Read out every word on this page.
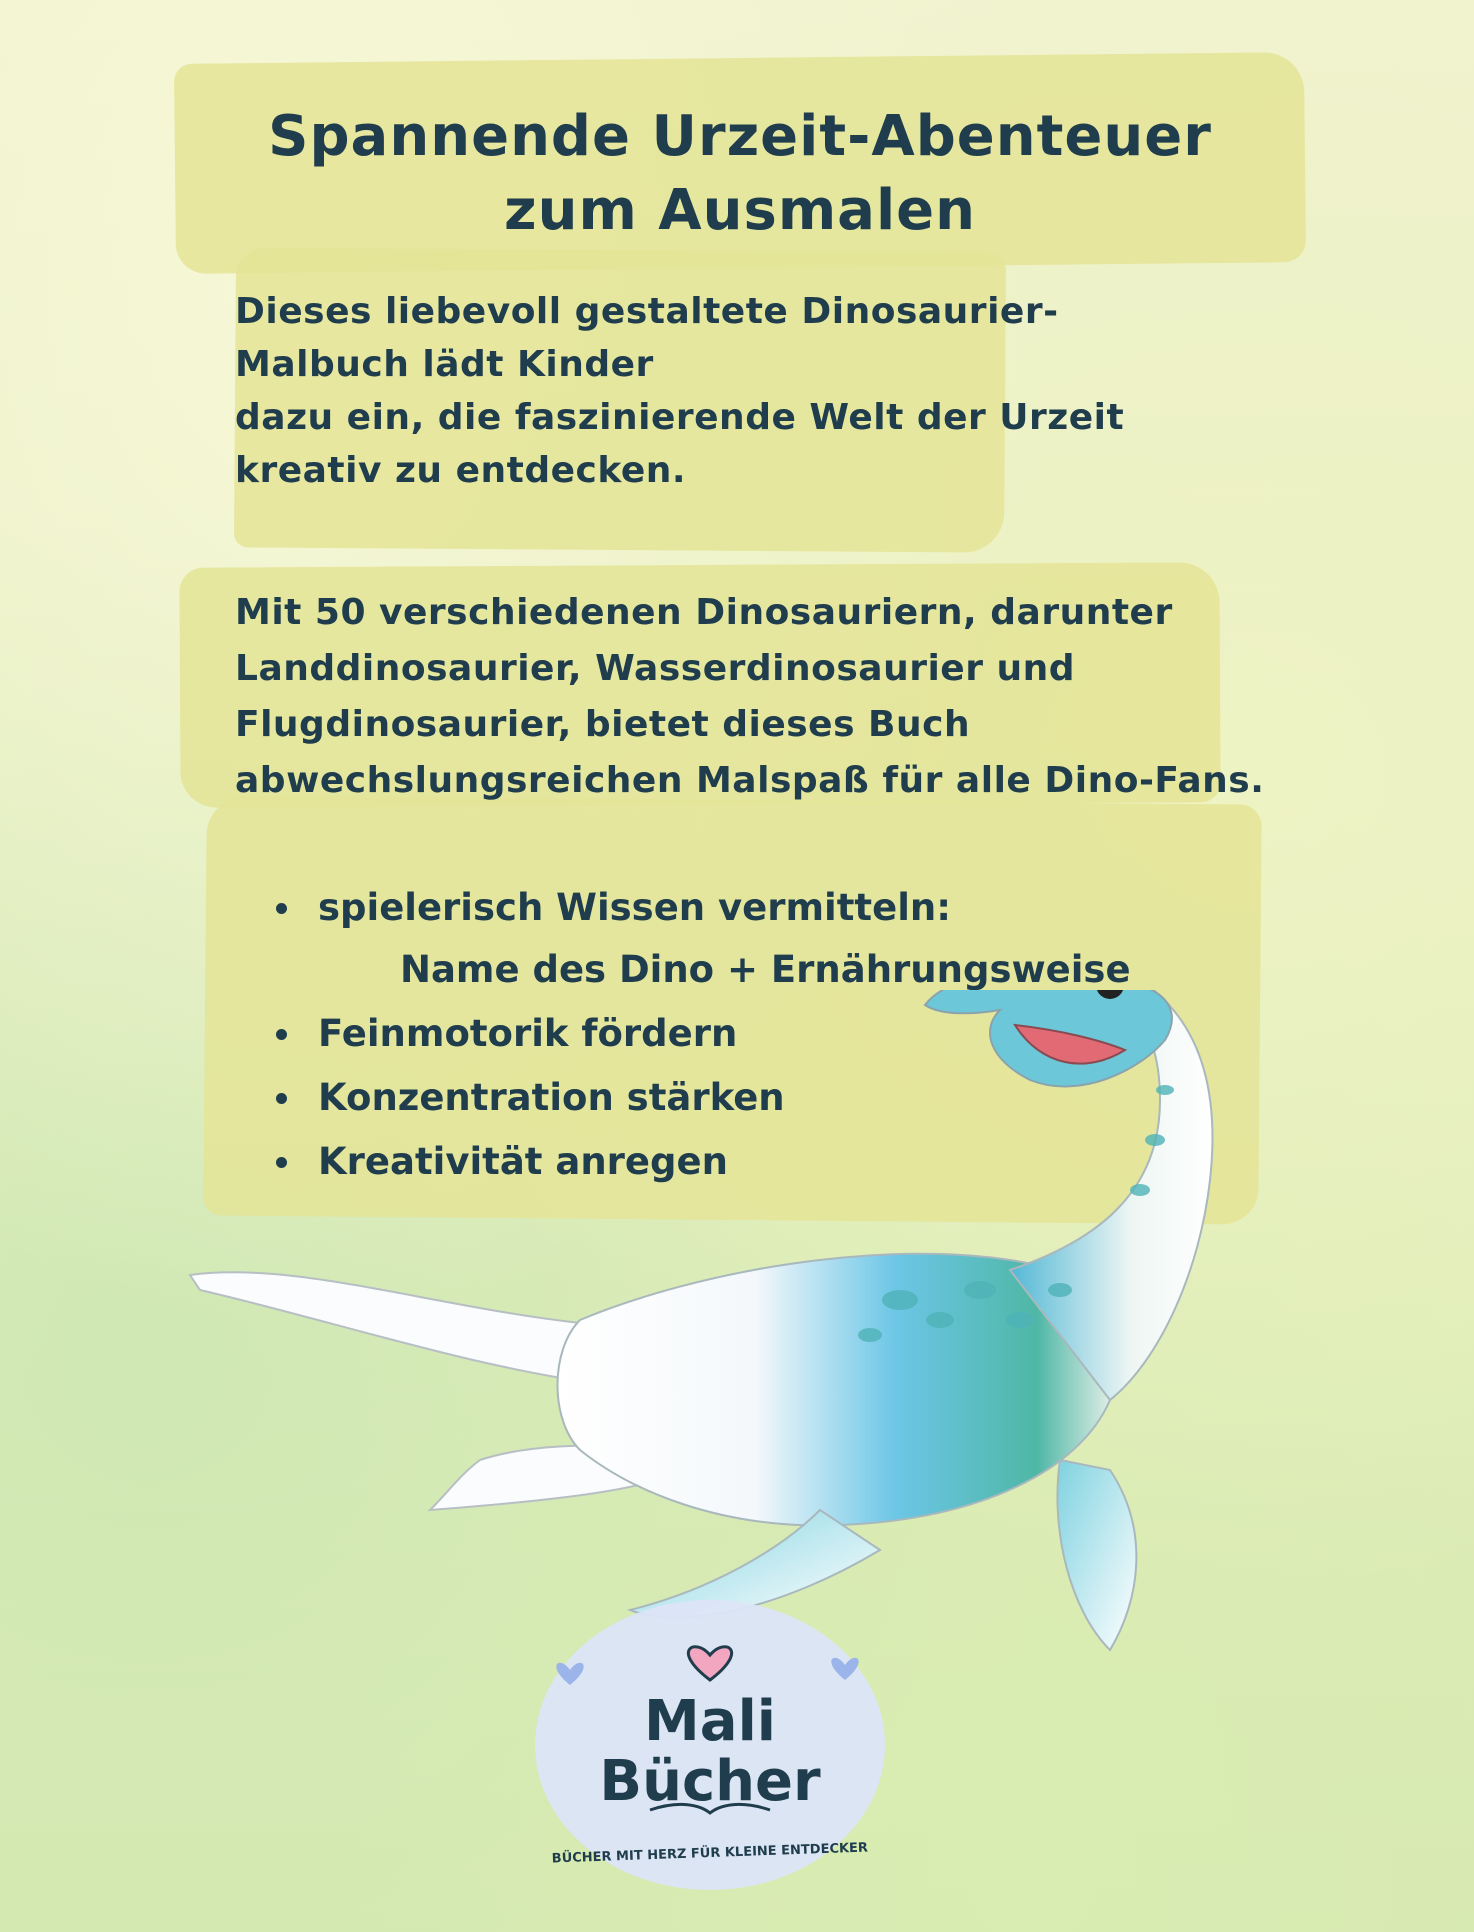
Spannende Urzeit-Abenteuer
zum Ausmalen
Dieses liebevoll gestaltete Dinosaurier-
Malbuch lädt Kinder
dazu ein, die faszinierende Welt der Urzeit
kreativ zu entdecken.
Mit 50 verschiedenen Dinosauriern, darunter
Landdinosaurier, Wasserdinosaurier und
Flugdinosaurier, bietet dieses Buch
abwechslungsreichen Malspaß für alle Dino-Fans.
spielerisch Wissen vermitteln:
Name des Dino + Ernährungsweise
Feinmotorik fördern
Konzentration stärken
Kreativität anregen
Mali
Bücher
BÜCHER MIT HERZ FÜR KLEINE ENTDECKER
